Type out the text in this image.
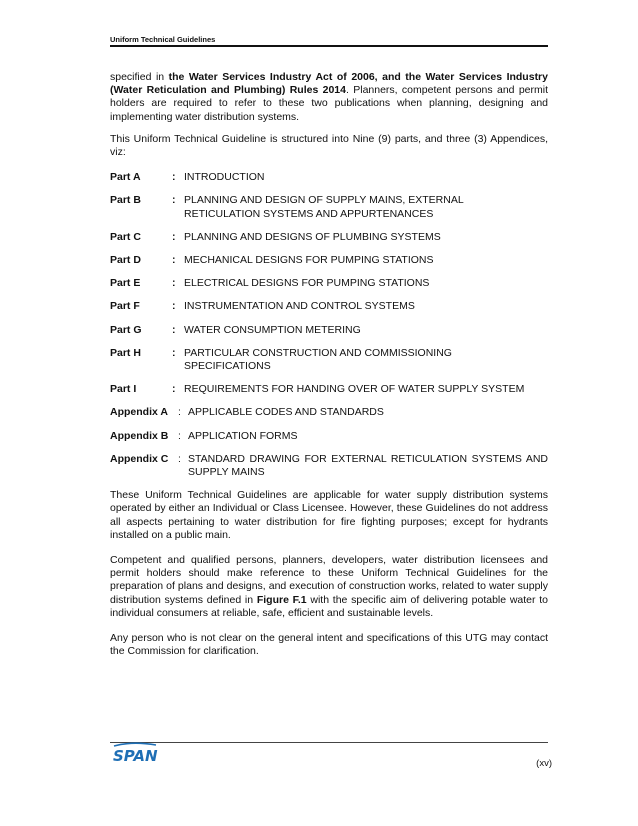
Uniform Technical Guidelines

specified in the Water Services Industry Act of 2006, and the Water Services Industry (Water Reticulation and Plumbing) Rules 2014. Planners, competent persons and permit holders are required to refer to these two publications when planning, designing and implementing water distribution systems.

This Uniform Technical Guideline is structured into Nine (9) parts, and three (3) Appendices, viz:

Part A	: INTRODUCTION
Part B	: PLANNING AND DESIGN OF SUPPLY MAINS, EXTERNAL RETICULATION SYSTEMS AND APPURTENANCES
Part C	: PLANNING AND DESIGNS OF PLUMBING SYSTEMS
Part D	: MECHANICAL DESIGNS FOR PUMPING STATIONS
Part E	: ELECTRICAL DESIGNS FOR PUMPING STATIONS
Part F	: INSTRUMENTATION AND CONTROL SYSTEMS
Part G	: WATER CONSUMPTION METERING
Part H	: PARTICULAR CONSTRUCTION AND COMMISSIONING SPECIFICATIONS
Part I	: REQUIREMENTS FOR HANDING OVER OF WATER SUPPLY SYSTEM
Appendix A : APPLICABLE CODES AND STANDARDS
Appendix B : APPLICATION FORMS
Appendix C : STANDARD DRAWING FOR EXTERNAL RETICULATION SYSTEMS AND SUPPLY MAINS

These Uniform Technical Guidelines are applicable for water supply distribution systems operated by either an Individual or Class Licensee. However, these Guidelines do not address all aspects pertaining to water distribution for fire fighting purposes; except for hydrants installed on a public main.

Competent and qualified persons, planners, developers, water distribution licensees and permit holders should make reference to these Uniform Technical Guidelines for the preparation of plans and designs, and execution of construction works, related to water supply distribution systems defined in Figure F.1 with the specific aim of delivering potable water to individual consumers at reliable, safe, efficient and sustainable levels.

Any person who is not clear on the general intent and specifications of this UTG may contact the Commission for clarification.

SPAN	(xv)
